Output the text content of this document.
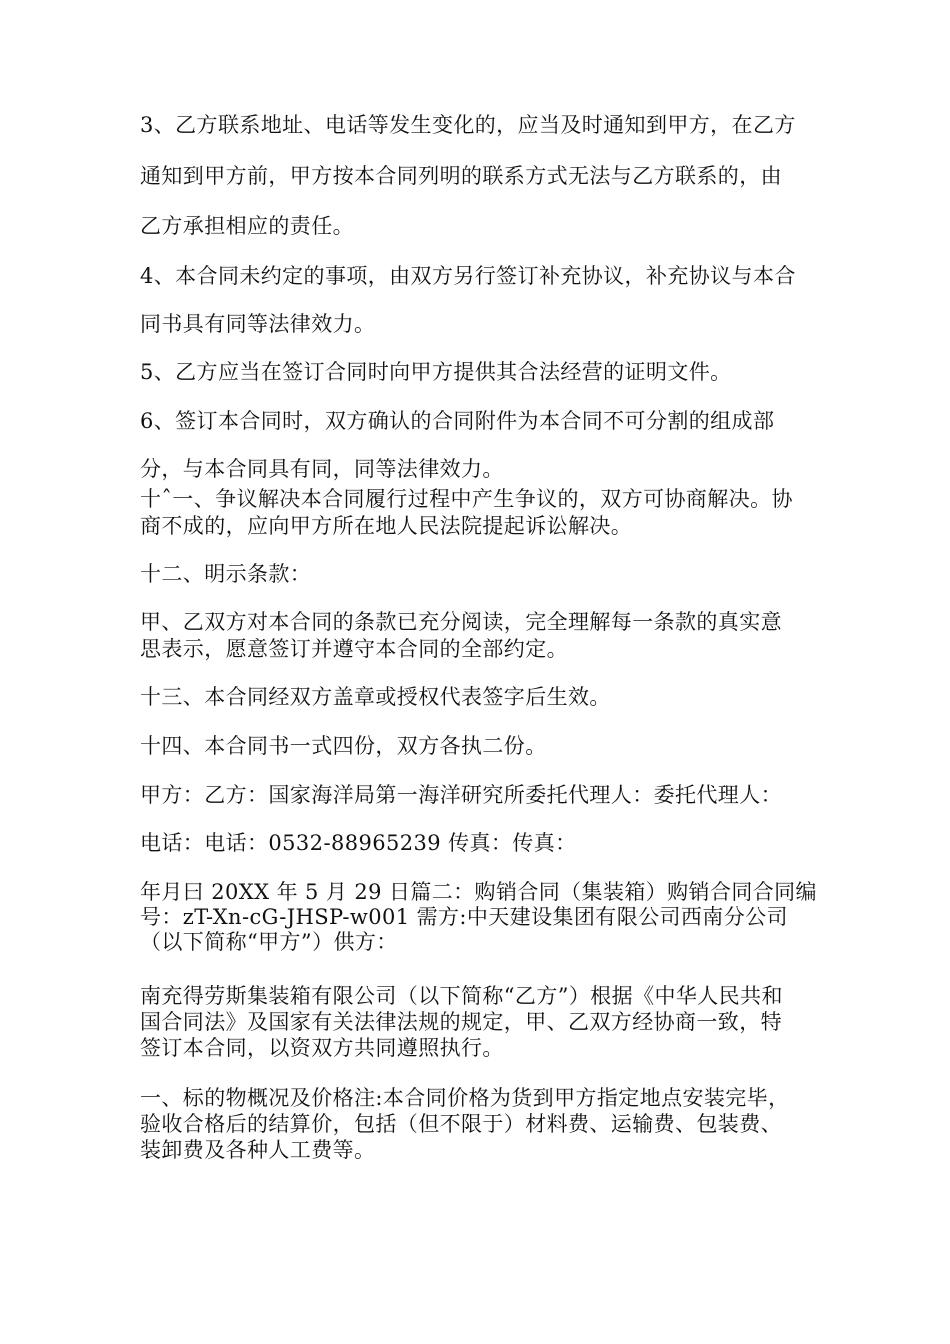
3、乙方联系地址、电话等发生变化的，应当及时通知到甲方，在乙方
通知到甲方前，甲方按本合同列明的联系方式无法与乙方联系的，由
乙方承担相应的责任。
4、本合同未约定的事项，由双方另行签订补充协议，补充协议与本合
同书具有同等法律效力。
5、乙方应当在签订合同时向甲方提供其合法经营的证明文件。
6、签订本合同时，双方确认的合同附件为本合同不可分割的组成部
分，与本合同具有同，同等法律效力。
十ˆ一、争议解决本合同履行过程中产生争议的，双方可协商解决。协
商不成的，应向甲方所在地人民法院提起诉讼解决。
十二、明示条款：
甲、乙双方对本合同的条款已充分阅读，完全理解每一条款的真实意
思表示，愿意签订并遵守本合同的全部约定。
十三、本合同经双方盖章或授权代表签字后生效。
十四、本合同书一式四份，双方各执二份。
甲方：乙方：国家海洋局第一海洋研究所委托代理人：委托代理人：
电话：电话：0532-88965239 传真：传真：
年月曰 20XX 年 5 月 29 日篇二：购销合同（集装箱）购销合同合同编
号：zT-Xn-cG-JHSP-w001 需方:中天建设集团有限公司西南分公司
（以下简称“甲方”）供方：
南充得劳斯集装箱有限公司（以下简称“乙方”）根据《中华人民共和
国合同法》及国家有关法律法规的规定，甲、乙双方经协商一致，特
签订本合同，以资双方共同遵照执行。
一、标的物概况及价格注:本合同价格为货到甲方指定地点安装完毕，
验收合格后的结算价，包括（但不限于）材料费、运输费、包装费、
装卸费及各种人工费等。
